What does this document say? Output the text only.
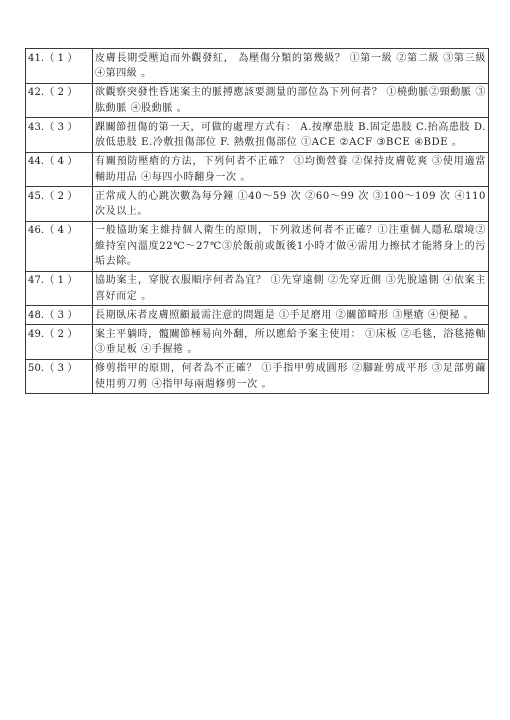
41.（ 1 ）	皮膚長期受壓迫而外觀發紅， 為壓傷分類的第幾級？ ①第一級 ②第二級 ③第三級 ④第四級 。
42.（ 2 ）	欲觀察突發性昏迷案主的脈搏應該要測量的部位為下列何者？ ①橈動脈②頸動脈 ③肱動脈 ④股動脈 。
43.（ 3 ）	踝關節扭傷的第一天，可做的處理方式有： A.按摩患肢 B.固定患肢 C.抬高患肢 D.放低患肢 E.冷敷扭傷部位 F. 熱敷扭傷部位 ①ACE ②ACF ③BCE ④BDE 。
44.（ 4 ）	有關預防壓瘡的方法，下列何者不正確？ ①均衡營養 ②保持皮膚乾爽 ③使用適當輔助用品 ④每四小時翻身一次 。
45.（ 2 ）	正常成人的心跳次數為每分鐘 ①40～59 次 ②60～99 次 ③100～109 次 ④110 次及以上。
46.（ 4 ）	一般協助案主維持個人衛生的原則，下列敘述何者不正確？①注重個人隱私環境②維持室內溫度22℃～27℃③於飯前或飯後1小時才做④需用力擦拭才能將身上的污垢去除。
47.（ 1 ）	協助案主，穿脫衣服順序何者為宜？ ①先穿遠側 ②先穿近側 ③先脫遠側 ④依案主喜好而定 。
48.（ 3 ）	長期臥床者皮膚照顧最需注意的問題是 ①手足磨用 ②關節畸形 ③壓瘡 ④便秘 。
49.（ 2 ）	案主平躺時，髖關節極易向外翻，所以應給予案主使用： ①床板 ②毛毯，浴毯捲軸 ③垂足板 ④手握捲 。
50.（ 3 ）	修剪指甲的原則，何者為不正確？ ①手指甲剪成圓形 ②腳趾剪成平形 ③足部剪繭使用剪刀剪 ④指甲每兩週修剪一次 。
